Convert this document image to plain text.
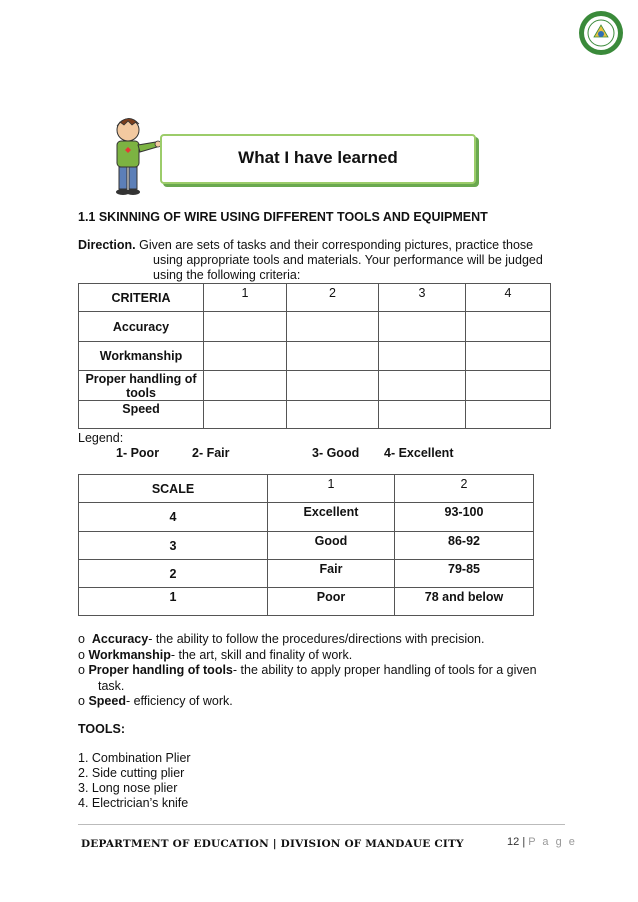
What I have learned
1.1 SKINNING OF WIRE USING DIFFERENT TOOLS AND EQUIPMENT
Direction. Given are sets of tasks and their corresponding pictures, practice those
using appropriate tools and materials. Your performance will be judged
using the following criteria:
CRITERIA	1	2	3	4
Accuracy				
Workmanship				
Proper handling of tools				
Speed				
Legend:
1- Poor	2- Fair	3- Good 4- Excellent
SCALE	1	2
4	Excellent	93-100
3	Good	86-92
2	Fair	79-85
1	Poor	78 and below
o Accuracy- the ability to follow the procedures/directions with precision.
o Workmanship- the art, skill and finality of work.
o Proper handling of tools- the ability to apply proper handling of tools for a given
task.
o Speed- efficiency of work.
TOOLS:
1. Combination Plier
2. Side cutting plier
3. Long nose plier
4. Electrician’s knife
DEPARTMENT OF EDUCATION | DIVISION OF MANDAUE CITY	12 | P a g e
